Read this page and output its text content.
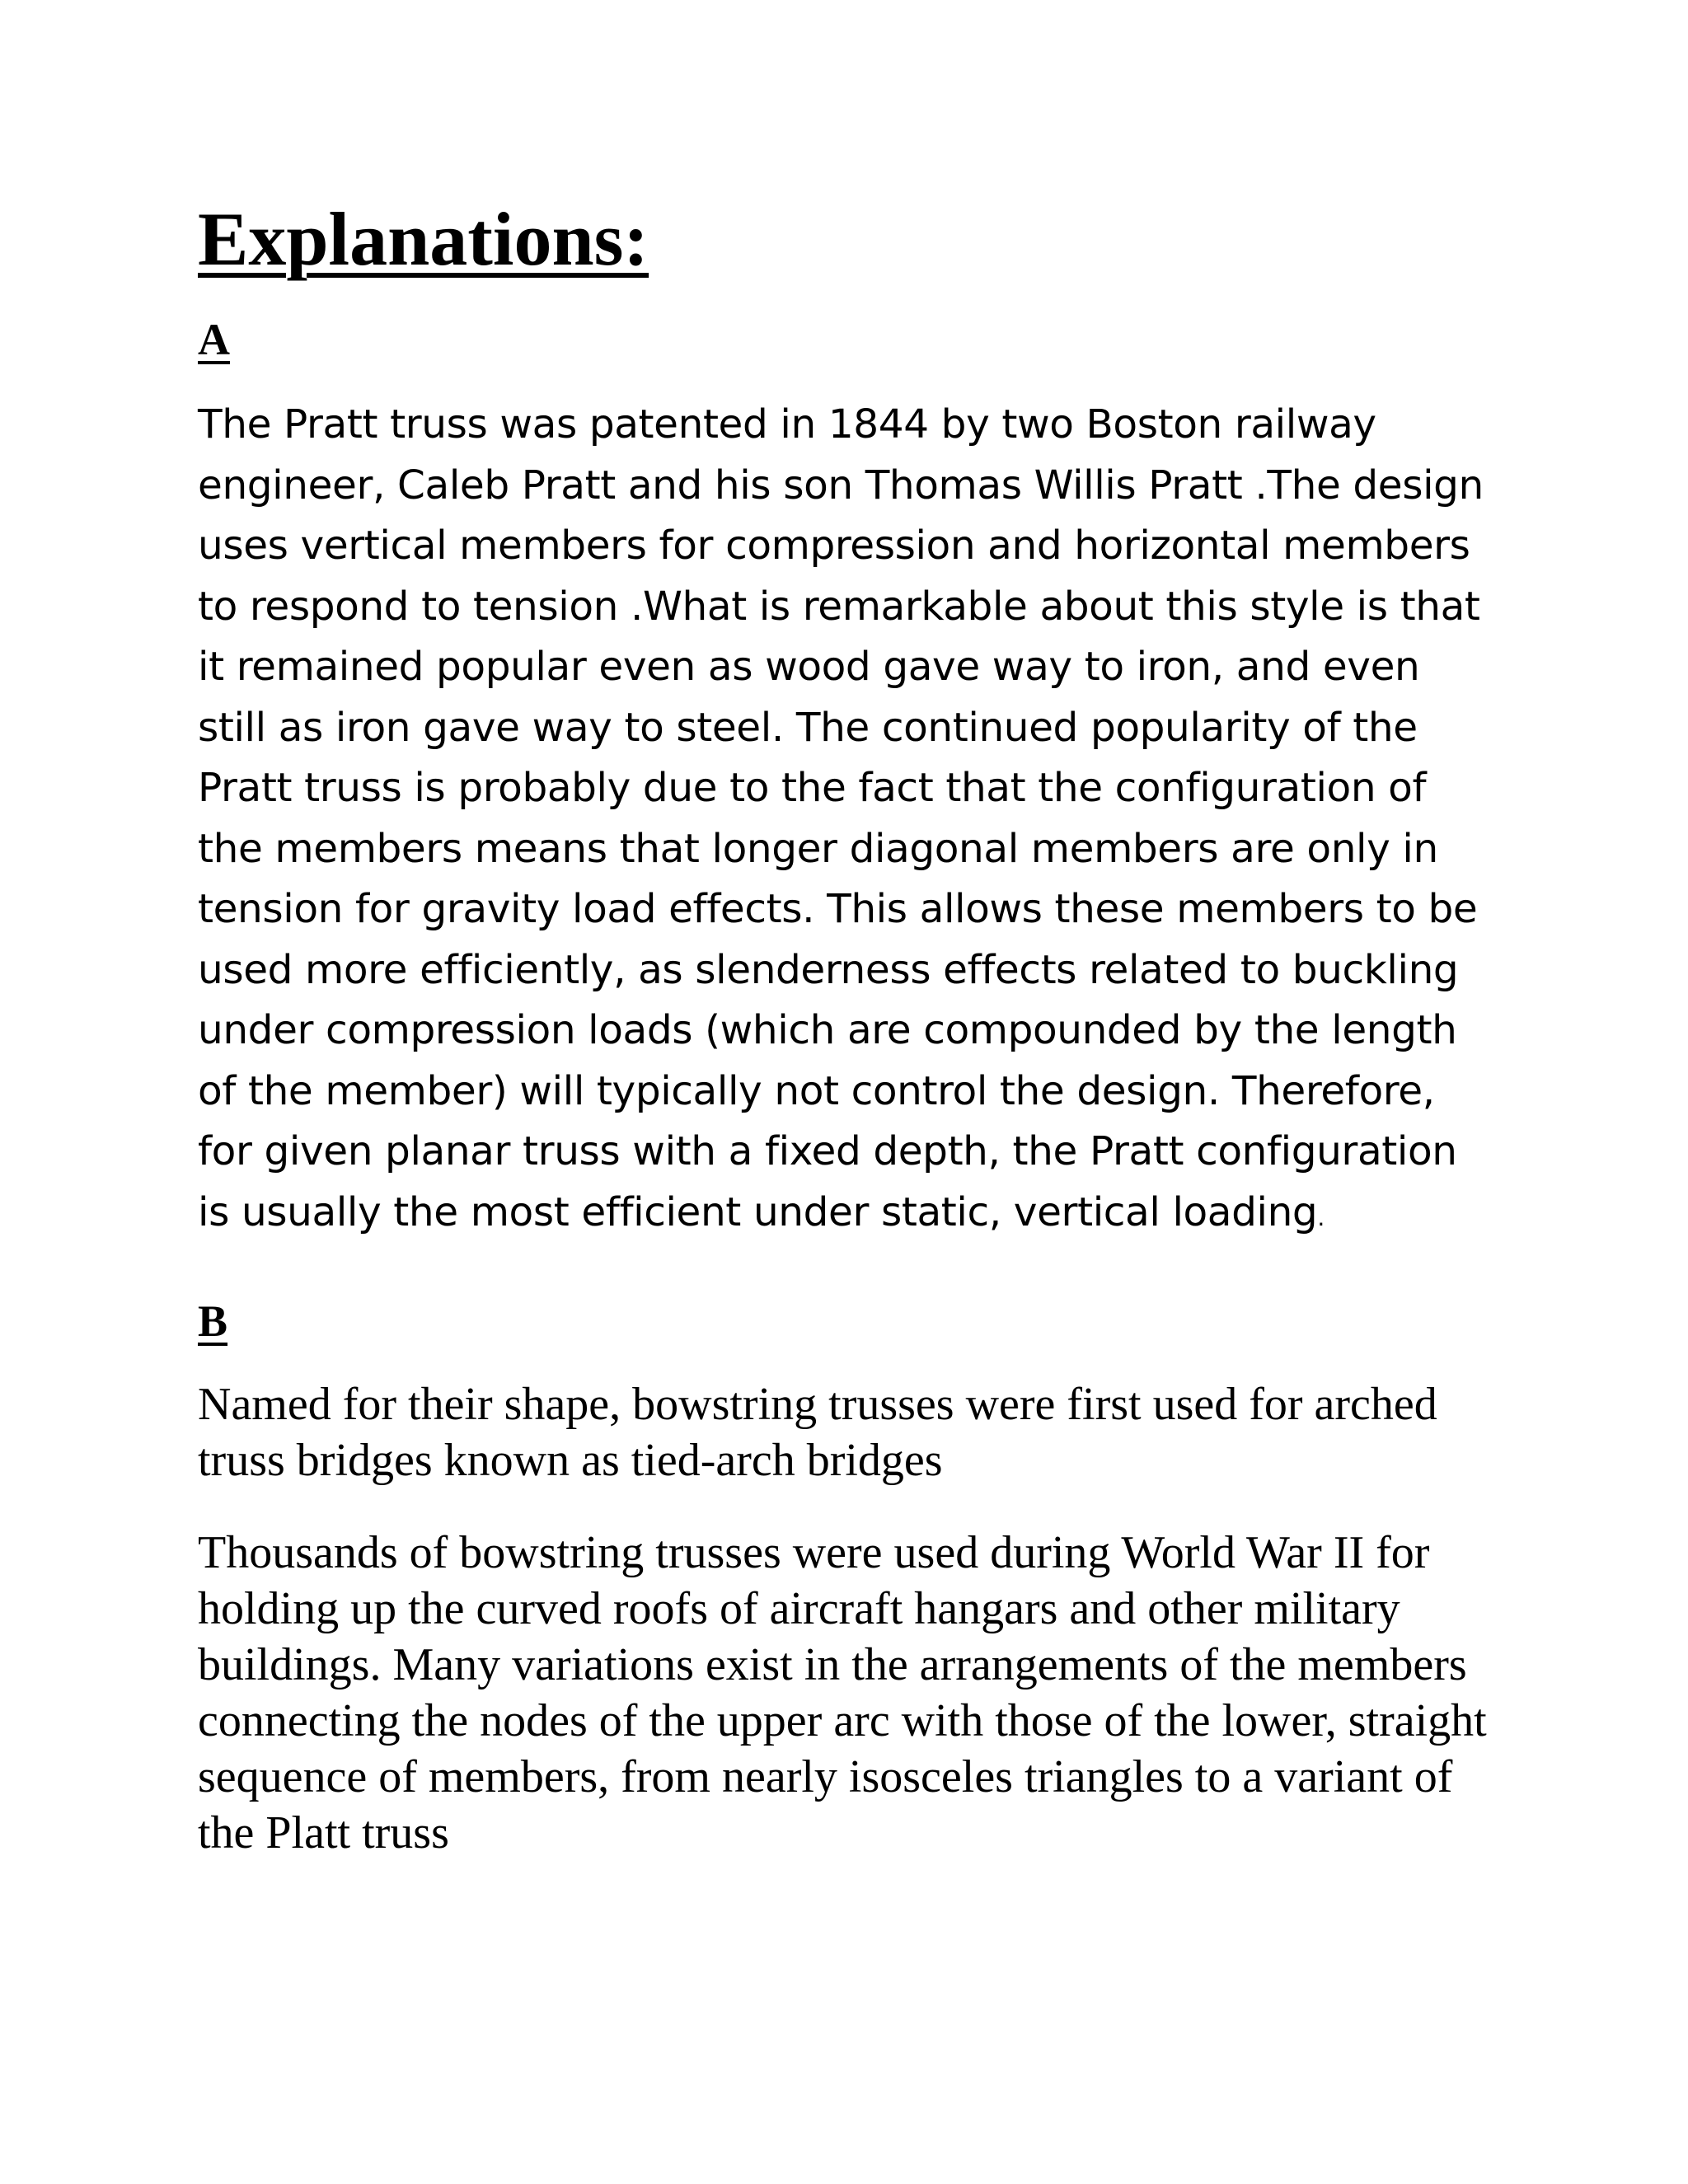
Explanations:

A

The Pratt truss was patented in 1844 by two Boston railway engineer, Caleb Pratt and his son Thomas Willis Pratt .The design uses vertical members for compression and horizontal members to respond to tension .What is remarkable about this style is that it remained popular even as wood gave way to iron, and even still as iron gave way to steel. The continued popularity of the Pratt truss is probably due to the fact that the configuration of the members means that longer diagonal members are only in tension for gravity load effects. This allows these members to be used more efficiently, as slenderness effects related to buckling under compression loads (which are compounded by the length of the member) will typically not control the design. Therefore, for given planar truss with a fixed depth, the Pratt configuration is usually the most efficient under static, vertical loading.

B

Named for their shape, bowstring trusses were first used for arched truss bridges known as tied-arch bridges

Thousands of bowstring trusses were used during World War II for holding up the curved roofs of aircraft hangars and other military buildings. Many variations exist in the arrangements of the members connecting the nodes of the upper arc with those of the lower, straight sequence of members, from nearly isosceles triangles to a variant of the Platt truss
